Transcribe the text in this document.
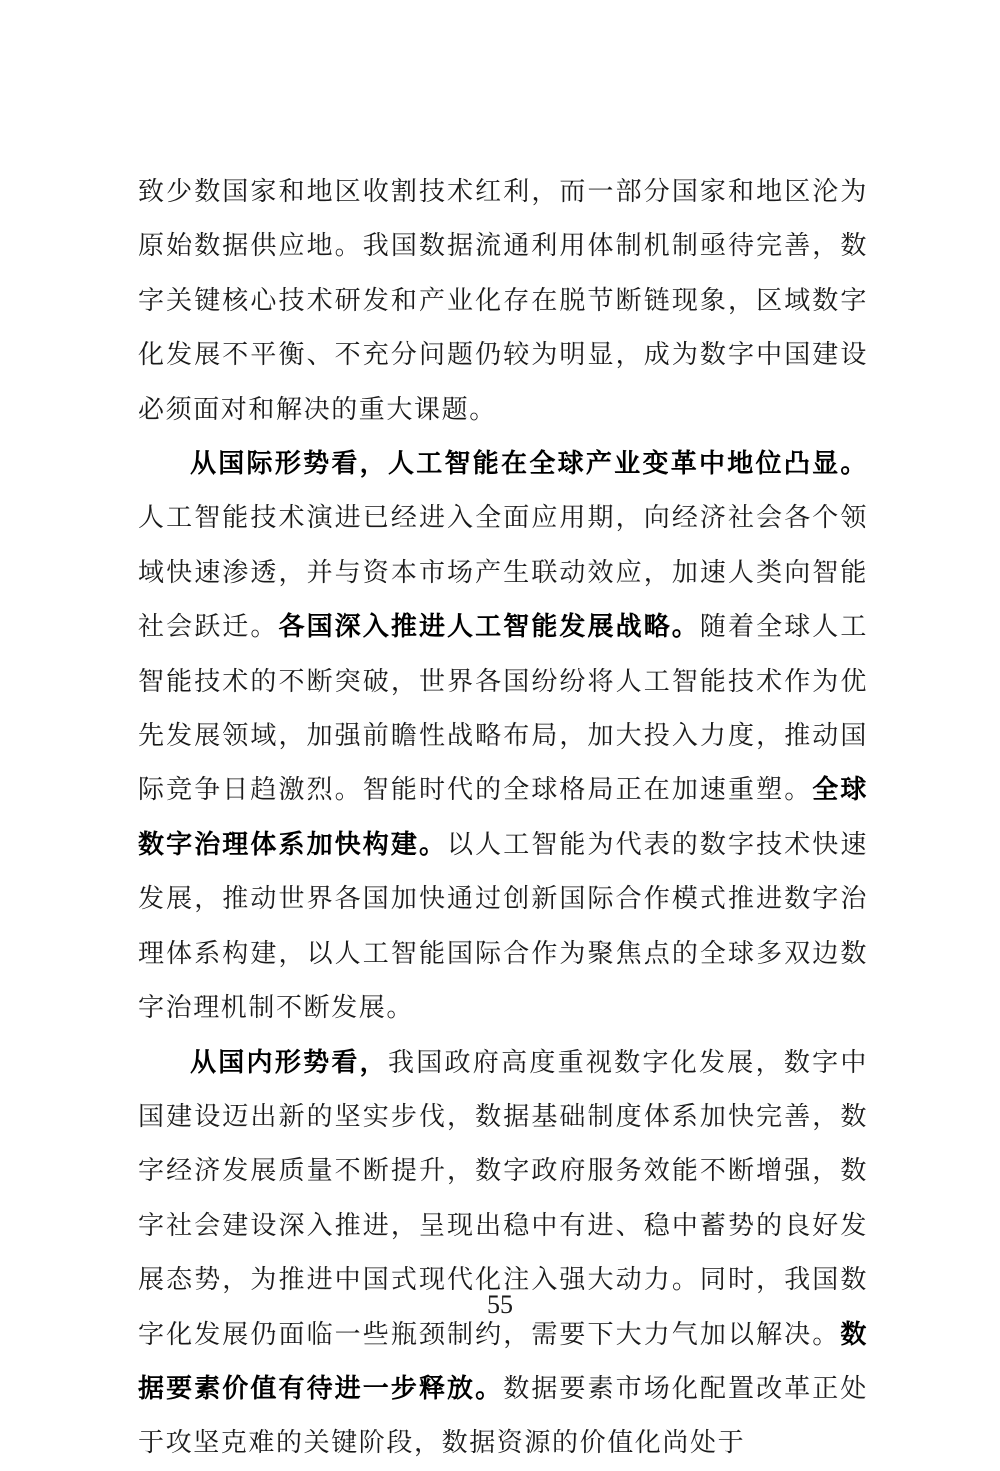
致少数国家和地区收割技术红利，而一部分国家和地区沦为原始数据供应地。我国数据流通利用体制机制亟待完善，数字关键核心技术研发和产业化存在脱节断链现象，区域数字化发展不平衡、不充分问题仍较为明显，成为数字中国建设必须面对和解决的重大课题。

从国际形势看，人工智能在全球产业变革中地位凸显。人工智能技术演进已经进入全面应用期，向经济社会各个领域快速渗透，并与资本市场产生联动效应，加速人类向智能社会跃迁。各国深入推进人工智能发展战略。随着全球人工智能技术的不断突破，世界各国纷纷将人工智能技术作为优先发展领域，加强前瞻性战略布局，加大投入力度，推动国际竞争日趋激烈。智能时代的全球格局正在加速重塑。全球数字治理体系加快构建。以人工智能为代表的数字技术快速发展，推动世界各国加快通过创新国际合作模式推进数字治理体系构建，以人工智能国际合作为聚焦点的全球多双边数字治理机制不断发展。

从国内形势看，我国政府高度重视数字化发展，数字中国建设迈出新的坚实步伐，数据基础制度体系加快完善，数字经济发展质量不断提升，数字政府服务效能不断增强，数字社会建设深入推进，呈现出稳中有进、稳中蓄势的良好发展态势，为推进中国式现代化注入强大动力。同时，我国数字化发展仍面临一些瓶颈制约，需要下大力气加以解决。数据要素价值有待进一步释放。数据要素市场化配置改革正处于攻坚克难的关键阶段，数据资源的价值化尚处于

55
